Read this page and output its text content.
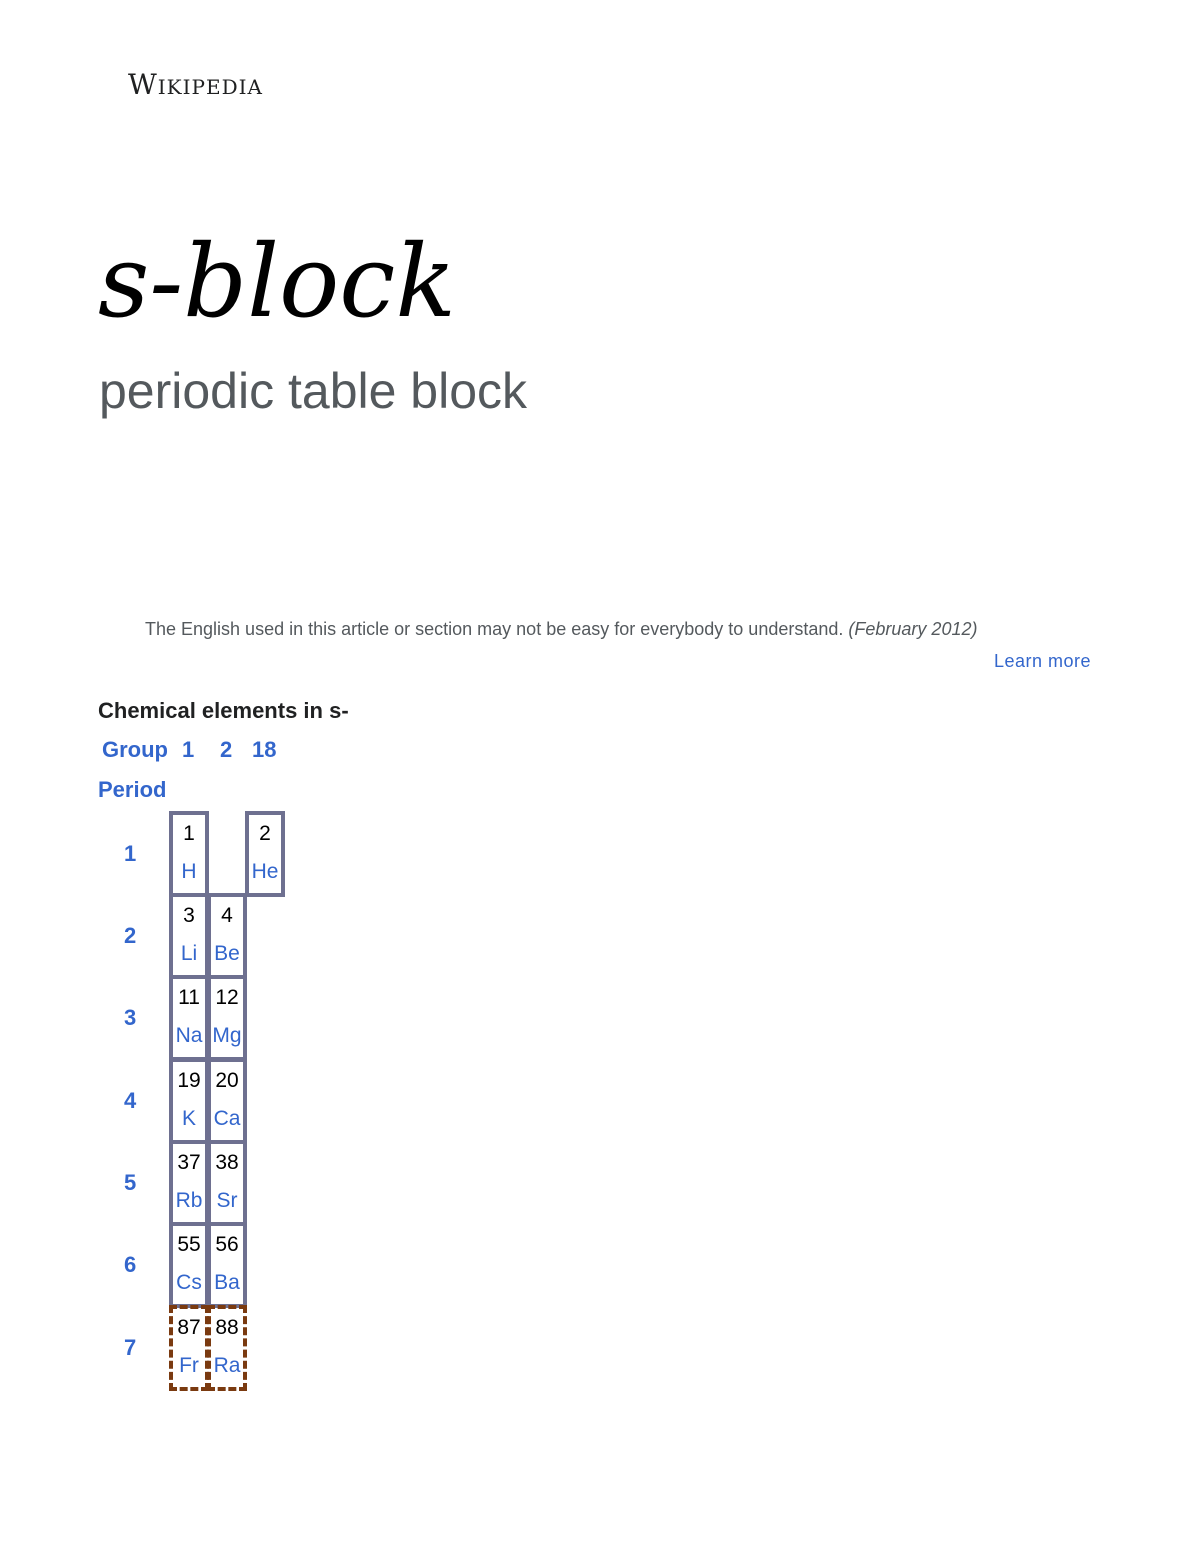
Wikipedia
s-block
periodic table block
The English used in this article or section may not be easy for everybody to understand. (February 2012)
Learn more
Chemical elements in s-
Group 1 2 18
Period
1
2
3
4
5
6
7
1
H
2
He
3
Li
4
Be
11
Na
12
Mg
19
K
20
Ca
37
Rb
38
Sr
55
Cs
56
Ba
87
Fr
88
Ra
